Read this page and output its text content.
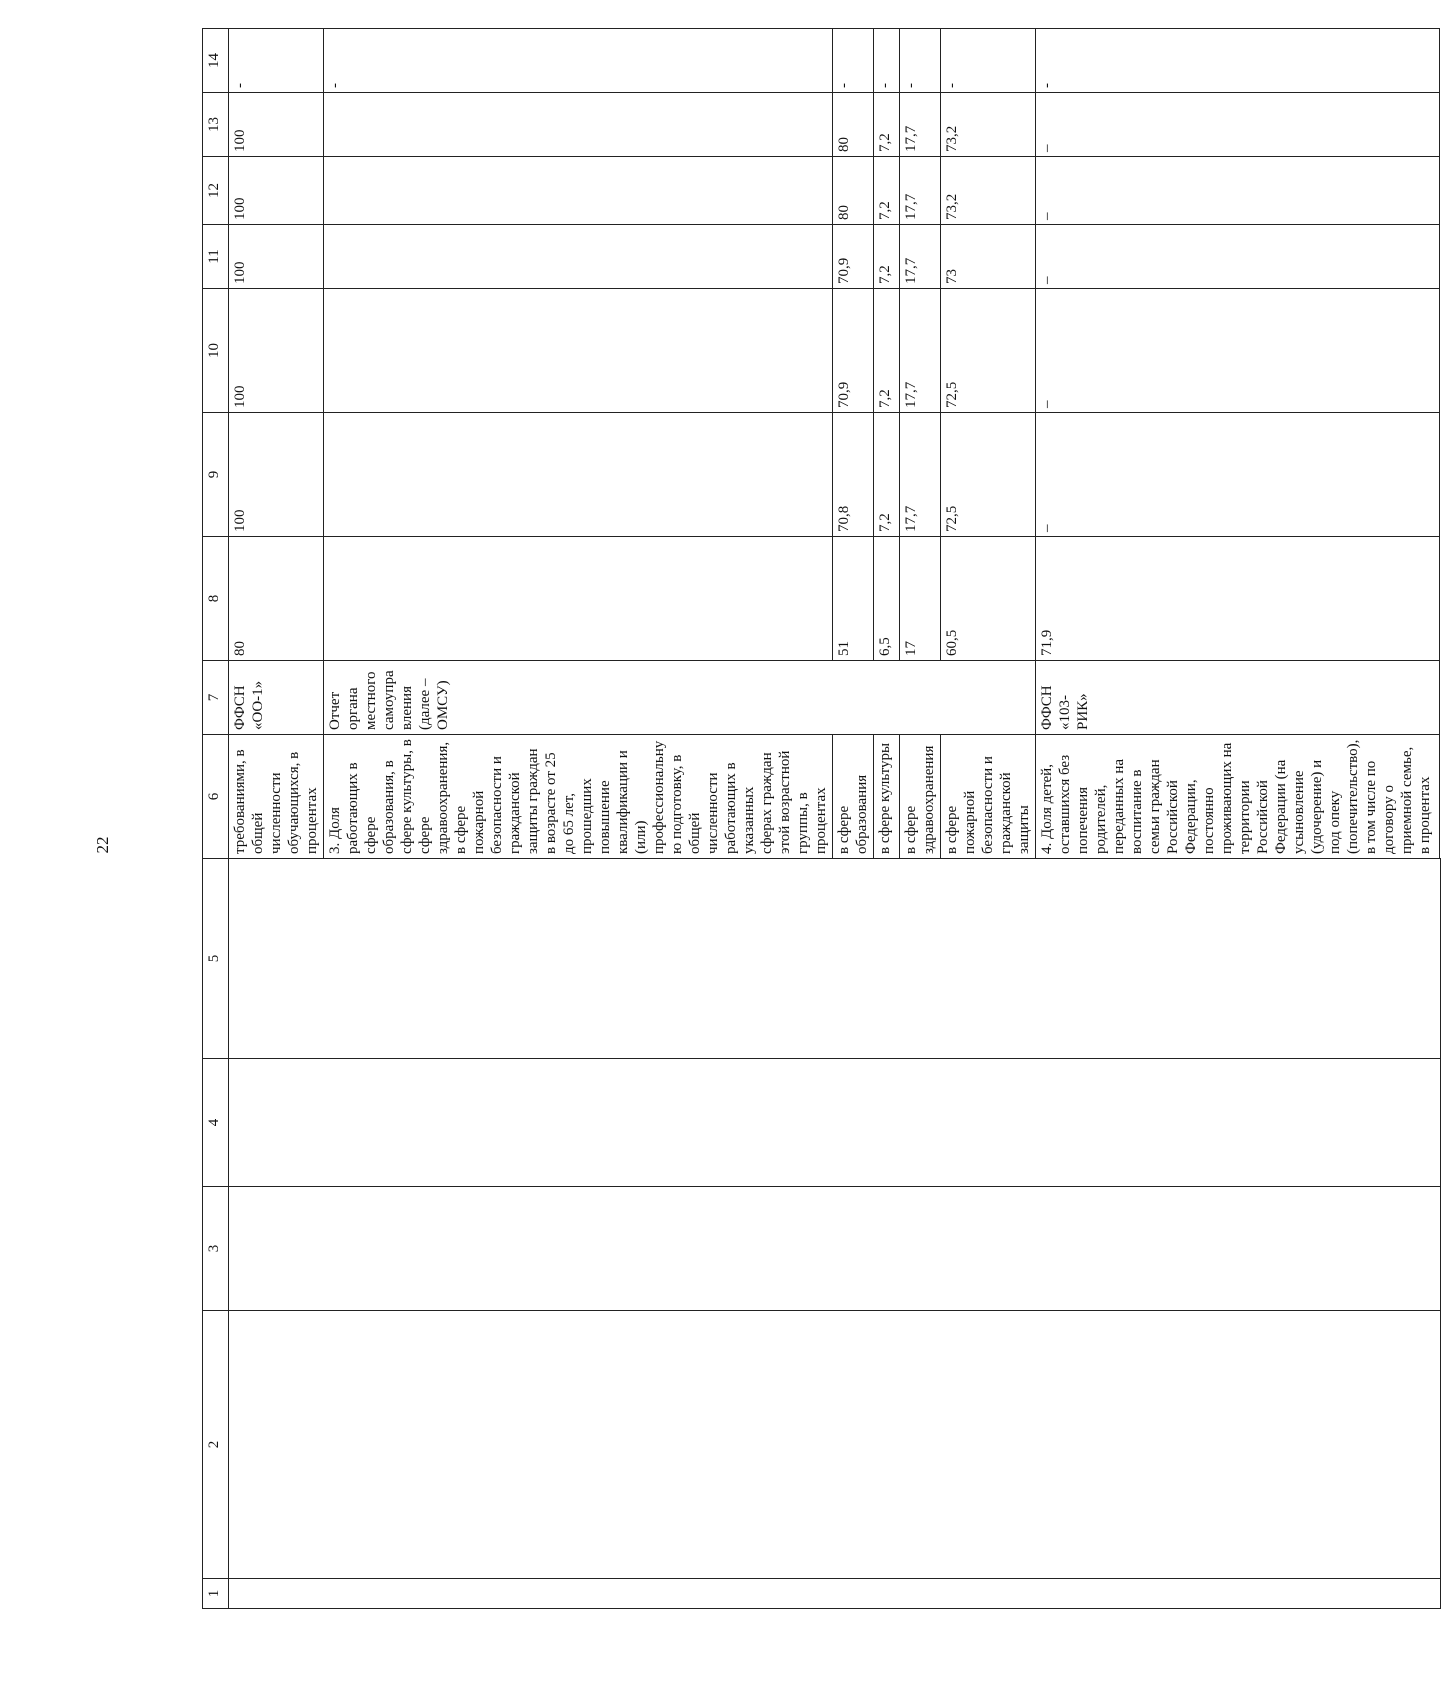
22
1	2	3	4	5	6	7	8	9	10	11	12	13	14
					требованиями, в общей численности обучающихся, в процентах	ФФСН «ОО-1»	80	100	100	100	100	100	-
					3. Доля работающих в сфере образования, в сфере культуры, в сфере здравоохранения, в сфере пожарной безопасности и гражданской защиты граждан в возрасте от 25 до 65 лет, прошедших повышение квалификации и (или) профессиональную подготовку, в общей численности работающих в указанных сферах граждан этой возрастной группы, в процентах	Отчет органа местного самоуправления (далее – ОМСУ)							-
					в сфере образования		51	70,8	70,9	70,9	80	80	-
					в сфере культуры		6,5	7,2	7,2	7,2	7,2	7,2	-
					в сфере здравоохранения		17	17,7	17,7	17,7	17,7	17,7	-
					в сфере пожарной безопасности и гражданской защиты		60,5	72,5	72,5	73	73,2	73,2	-
					4. Доля детей, оставшихся без попечения родителей, переданных на воспитание в семьи граждан Российской Федерации, постоянно проживающих на территории Российской Федерации (на усыновление (удочерение) и под опеку (попечительство), в том числе по договору о приемной семье, в процентах	ФФСН «103-РИК»	71,9	–	–	–	–	–	-
